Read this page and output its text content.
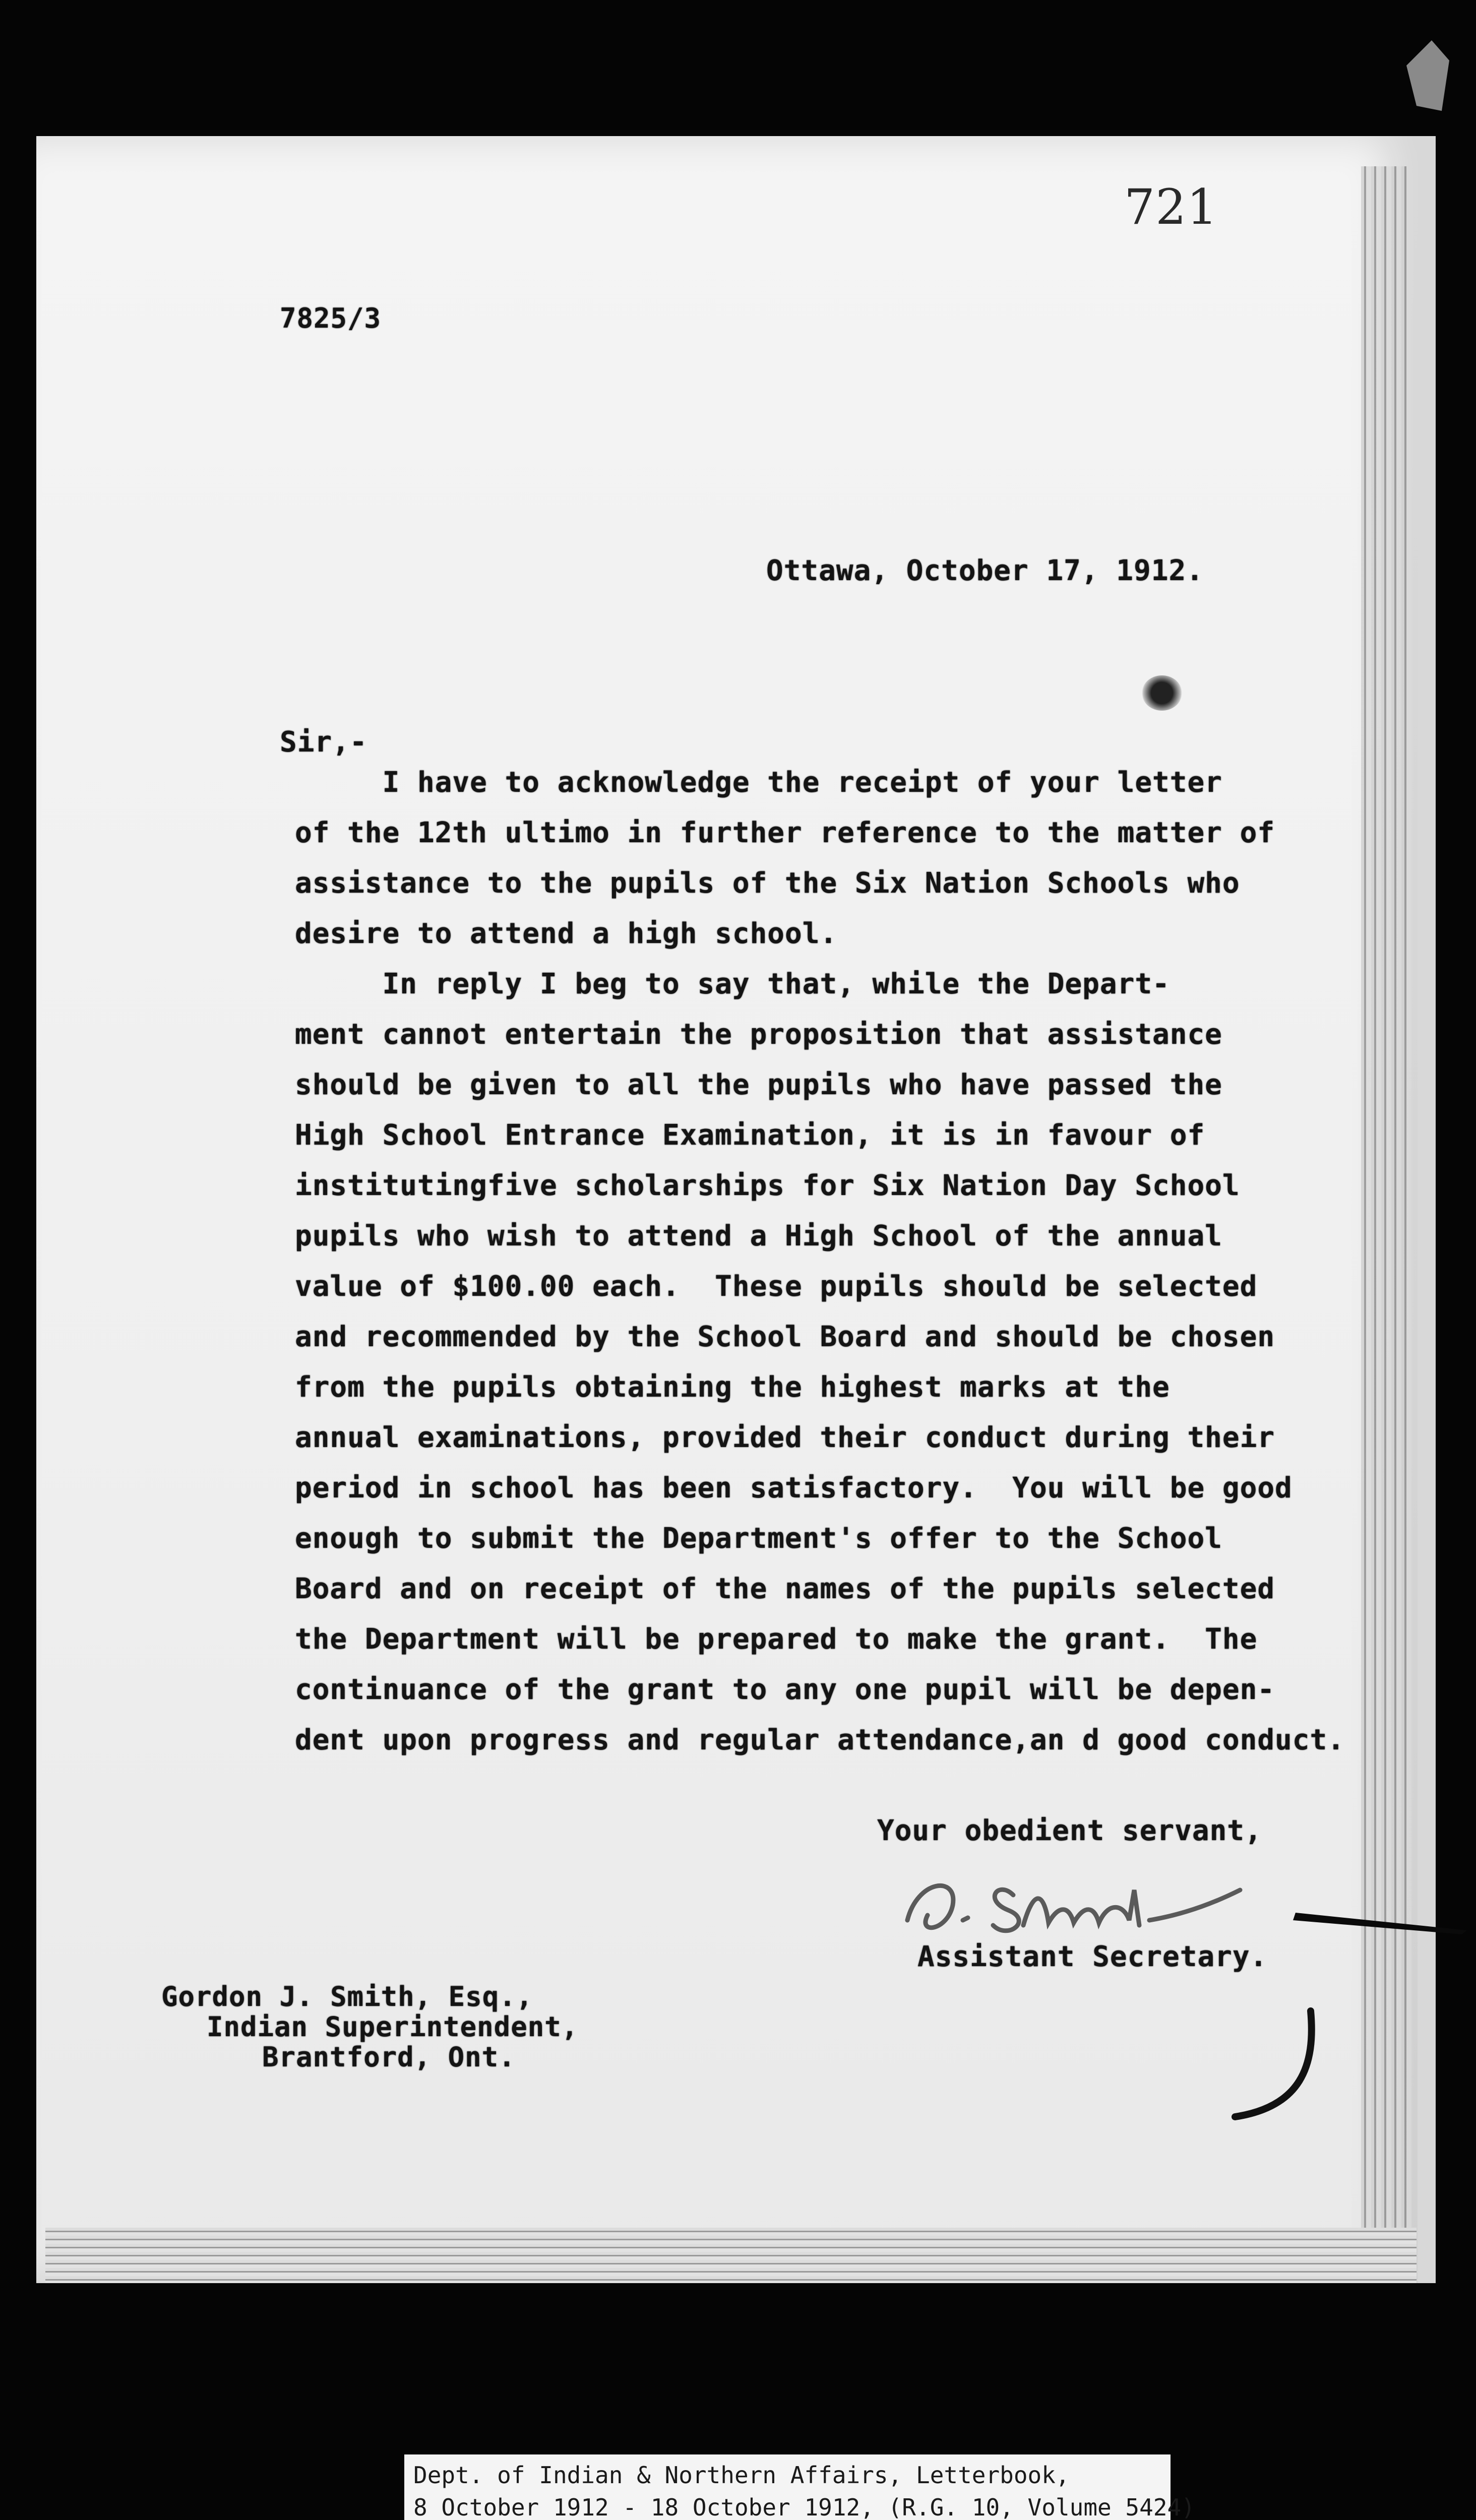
721
7825/3
Ottawa, October 17, 1912.
Sir,-
I have to acknowledge the receipt of your letter
of the 12th ultimo in further reference to the matter of
assistance to the pupils of the Six Nation Schools who
desire to attend a high school.
In reply I beg to say that, while the Depart-
ment cannot entertain the proposition that assistance
should be given to all the pupils who have passed the
High School Entrance Examination, it is in favour of
institutingfive scholarships for Six Nation Day School
pupils who wish to attend a High School of the annual
value of $100.00 each.  These pupils should be selected
and recommended by the School Board and should be chosen
from the pupils obtaining the highest marks at the
annual examinations, provided their conduct during their
period in school has been satisfactory.  You will be good
enough to submit the Department's offer to the School
Board and on receipt of the names of the pupils selected
the Department will be prepared to make the grant.  The
continuance of the grant to any one pupil will be depen-
dent upon progress and regular attendance,an d good conduct.
Your obedient servant,
Assistant Secretary.
Gordon J. Smith, Esq.,
Indian Superintendent,
Brantford, Ont.
Dept. of Indian & Northern Affairs, Letterbook,
8 October 1912 - 18 October 1912, (R.G. 10, Volume 5424)
